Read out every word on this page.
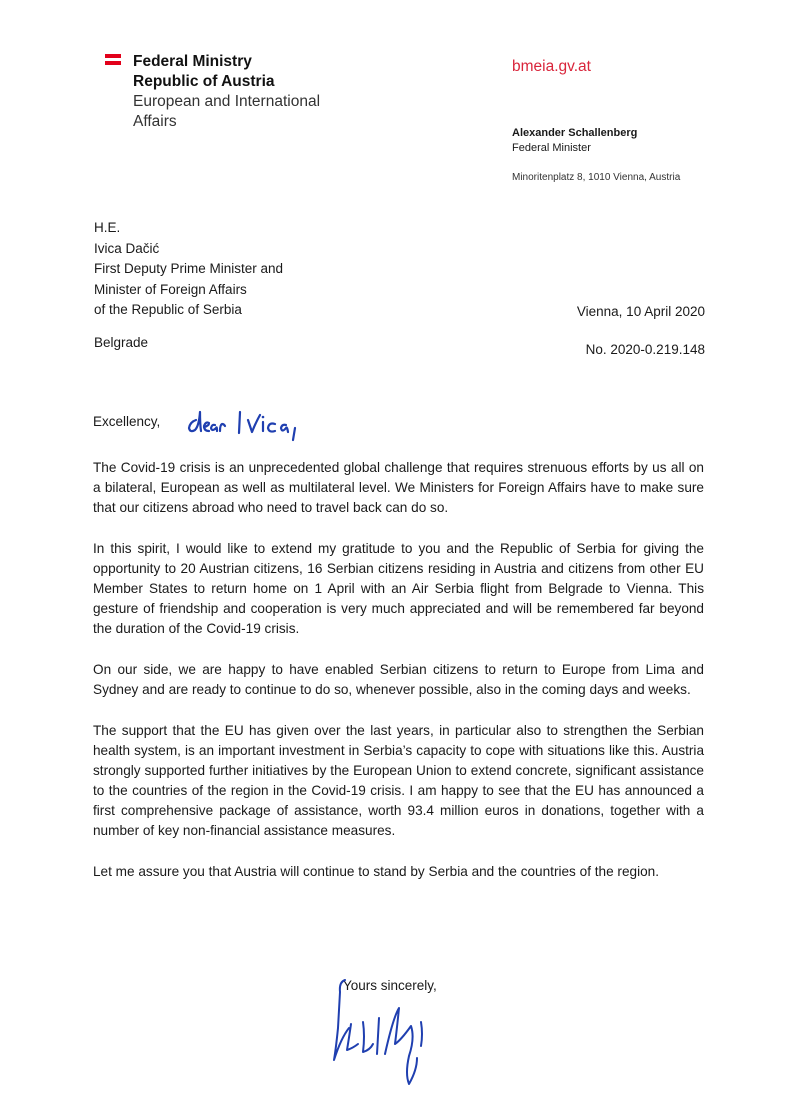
Federal Ministry
Republic of Austria
European and International
Affairs
bmeia.gv.at
Alexander Schallenberg
Federal Minister
Minoritenplatz 8, 1010 Vienna, Austria
H.E.
Ivica Dačić
First Deputy Prime Minister and
Minister of Foreign Affairs
of the Republic of Serbia
Belgrade
Vienna, 10 April 2020
No. 2020-0.219.148
Excellency,

The Covid-19 crisis is an unprecedented global challenge that requires strenuous efforts by us all on a bilateral, European as well as multilateral level. We Ministers for Foreign Affairs have to make sure that our citizens abroad who need to travel back can do so.

In this spirit, I would like to extend my gratitude to you and the Republic of Serbia for giving the opportunity to 20 Austrian citizens, 16 Serbian citizens residing in Austria and citizens from other EU Member States to return home on 1 April with an Air Serbia flight from Belgrade to Vienna. This gesture of friendship and cooperation is very much appreciated and will be remembered far beyond the duration of the Covid-19 crisis.

On our side, we are happy to have enabled Serbian citizens to return to Europe from Lima and Sydney and are ready to continue to do so, whenever possible, also in the coming days and weeks.

The support that the EU has given over the last years, in particular also to strengthen the Serbian health system, is an important investment in Serbia’s capacity to cope with situations like this. Austria strongly supported further initiatives by the European Union to extend concrete, significant assistance to the countries of the region in the Covid-19 crisis. I am happy to see that the EU has announced a first comprehensive package of assistance, worth 93.4 million euros in donations, together with a number of key non-financial assistance measures.

Let me assure you that Austria will continue to stand by Serbia and the countries of the region.

Yours sincerely,
